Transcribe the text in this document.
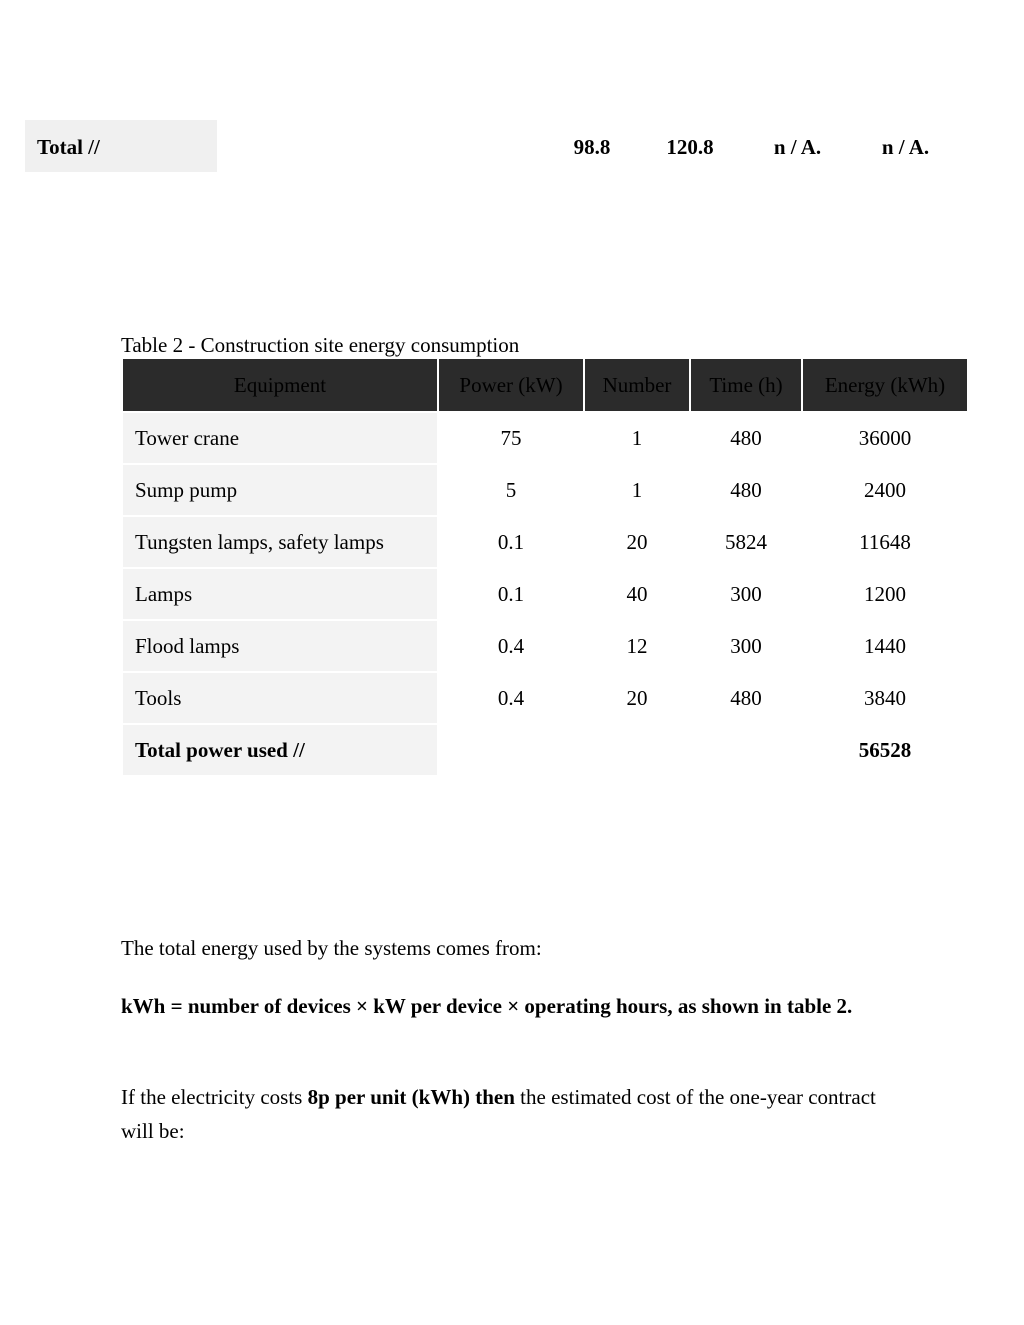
Total //	98.8	120.8	n / A.	n / A.
Table 2 - Construction site energy consumption
Equipment	Power (kW)	Number	Time (h)	Energy (kWh)
Tower crane	75	1	480	36000
Sump pump	5	1	480	2400
Tungsten lamps, safety lamps	0.1	20	5824	11648
Lamps	0.1	40	300	1200
Flood lamps	0.4	12	300	1440
Tools	0.4	20	480	3840
Total power used //				56528

The total energy used by the systems comes from:

kWh = number of devices × kW per device × operating hours, as shown in table 2.

If the electricity costs 8p per unit (kWh) then the estimated cost of the one-year contract will be:
